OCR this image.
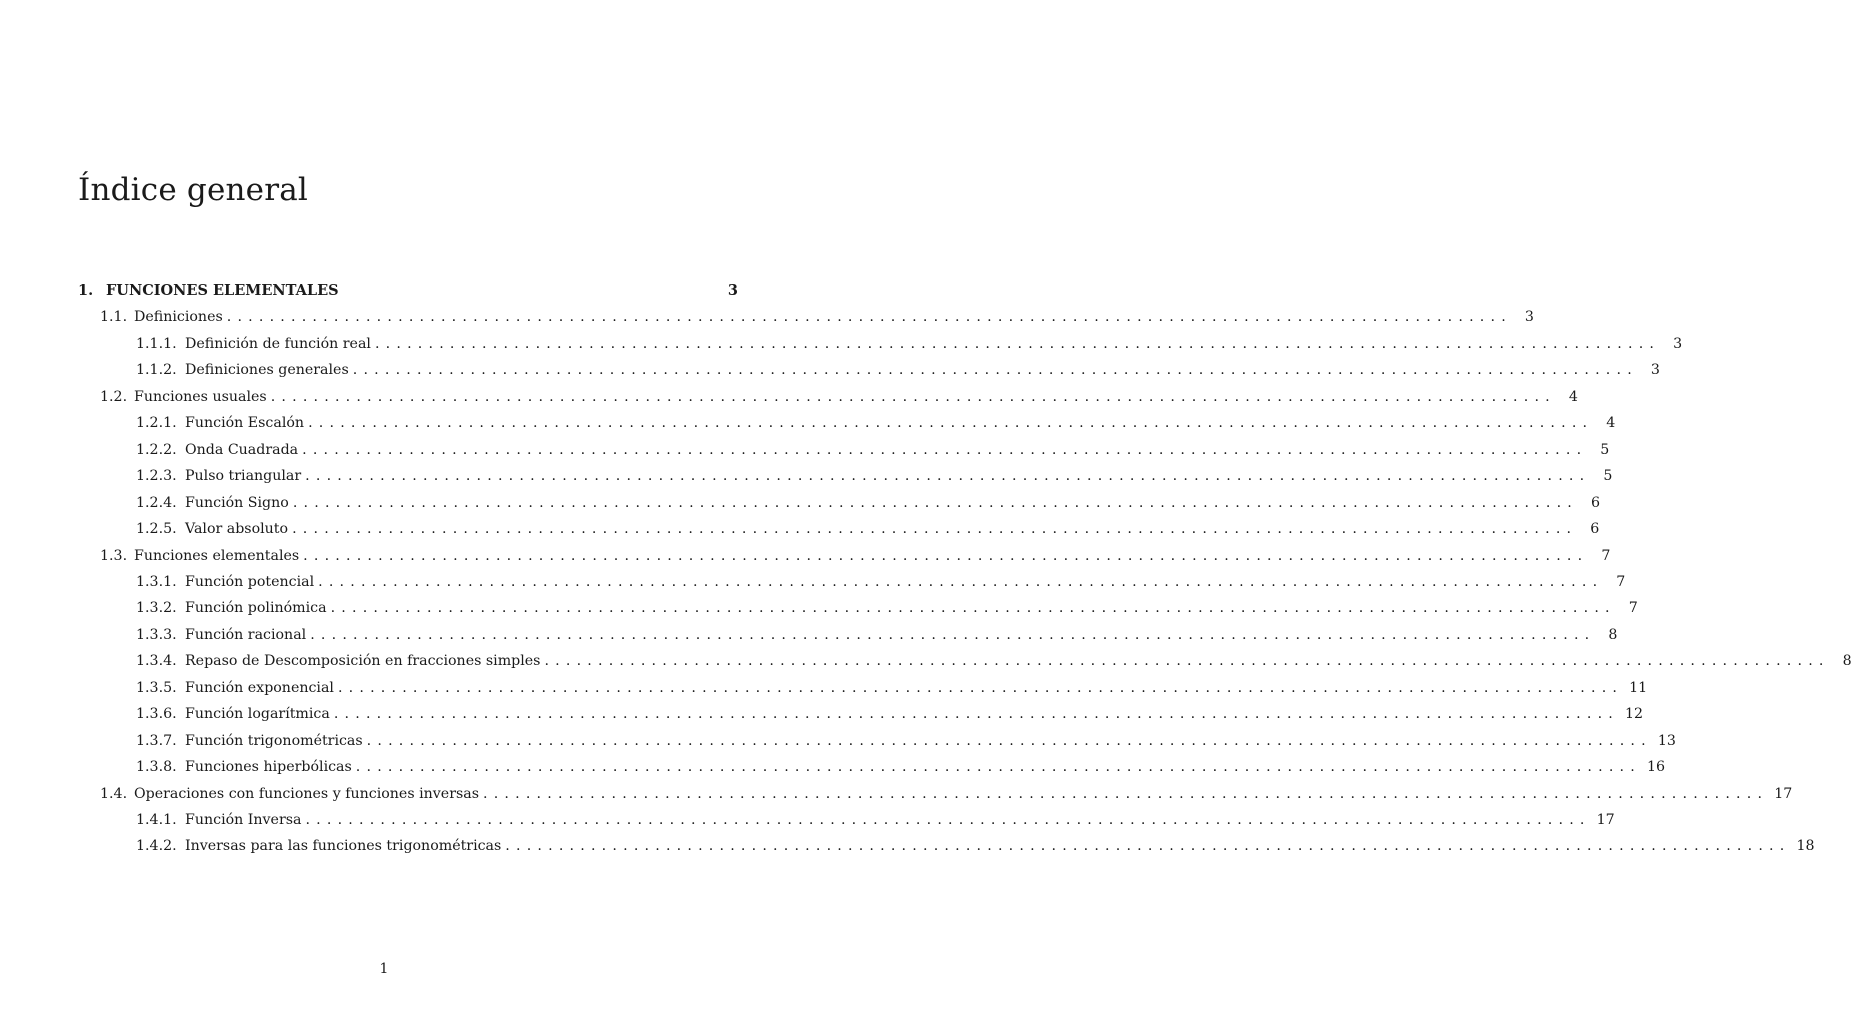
Índice general
1. FUNCIONES ELEMENTALES	3
1.1. Definiciones ........................................................................................................................ 3
1.1.1. Definición de función real ........................................................................................................................ 3
1.1.2. Definiciones generales ........................................................................................................................ 3
1.2. Funciones usuales ........................................................................................................................ 4
1.2.1. Función Escalón ........................................................................................................................ 4
1.2.2. Onda Cuadrada ........................................................................................................................ 5
1.2.3. Pulso triangular ........................................................................................................................ 5
1.2.4. Función Signo ........................................................................................................................ 6
1.2.5. Valor absoluto ........................................................................................................................ 6
1.3. Funciones elementales ........................................................................................................................ 7
1.3.1. Función potencial ........................................................................................................................ 7
1.3.2. Función polinómica ........................................................................................................................ 7
1.3.3. Función racional ........................................................................................................................ 8
1.3.4. Repaso de Descomposición en fracciones simples ........................................................................................................................ 8
1.3.5. Función exponencial ........................................................................................................................ 11
1.3.6. Función logarítmica ........................................................................................................................ 12
1.3.7. Función trigonométricas ........................................................................................................................ 13
1.3.8. Funciones hiperbólicas ........................................................................................................................ 16
1.4. Operaciones con funciones y funciones inversas ........................................................................................................................ 17
1.4.1. Función Inversa ........................................................................................................................ 17
1.4.2. Inversas para las funciones trigonométricas ........................................................................................................................ 18
1
